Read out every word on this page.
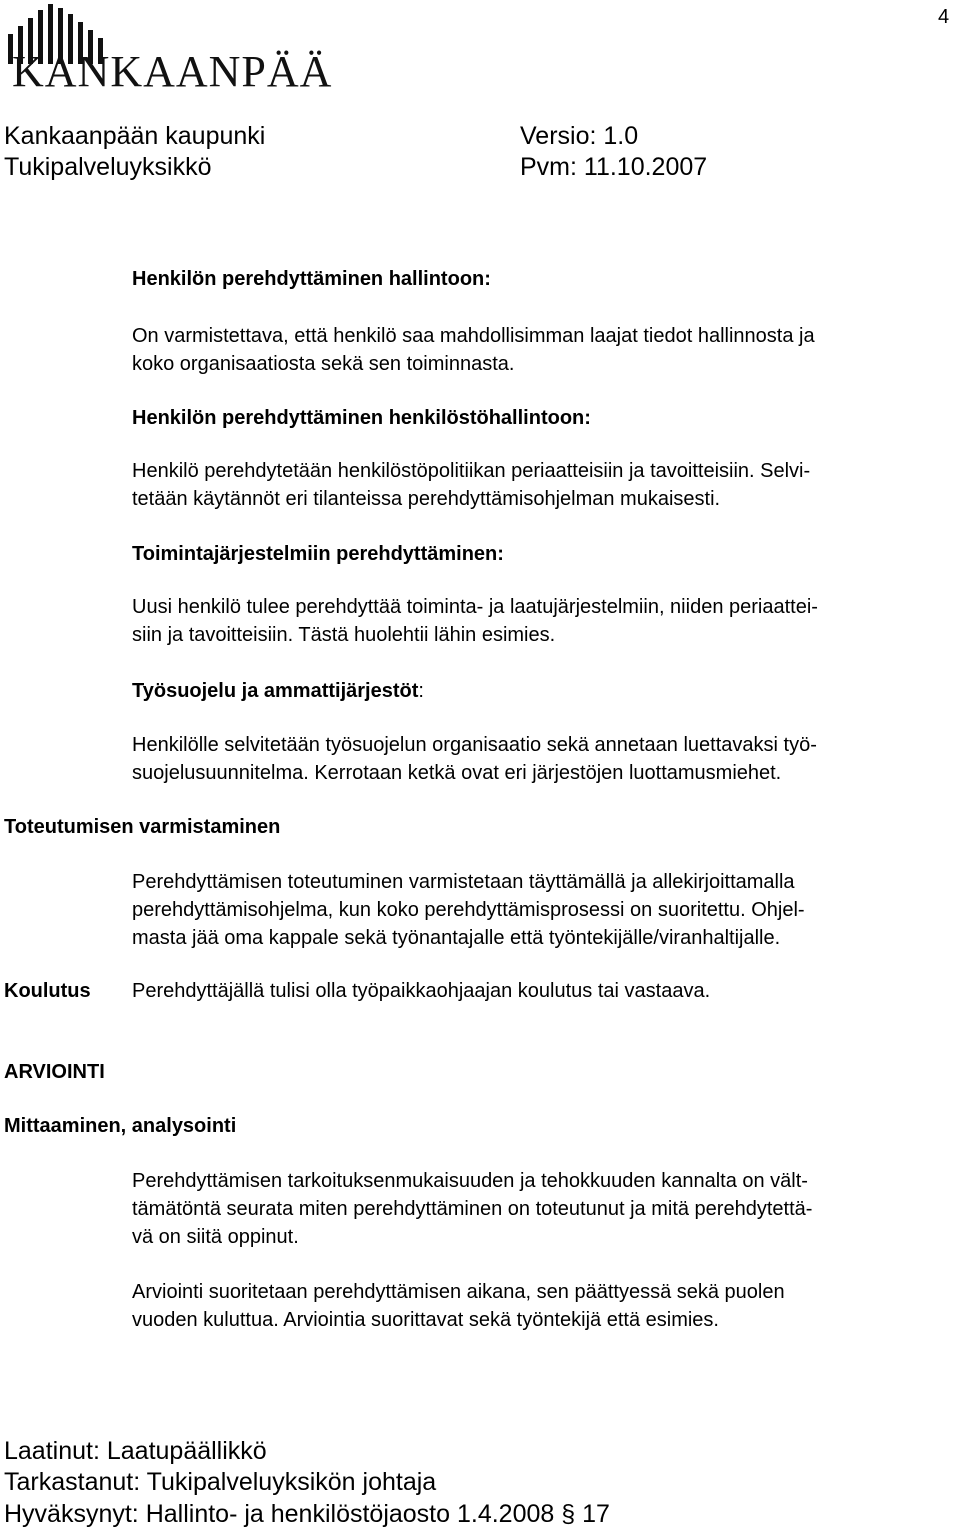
4
KANKAANPÄÄ
Kankaanpään kaupunki
Tukipalveluyksikkö
Versio: 1.0
Pvm: 11.10.2007
Henkilön perehdyttäminen hallintoon:
On varmistettava, että henkilö saa mahdollisimman laajat tiedot hallinnosta ja
koko organisaatiosta sekä sen toiminnasta.
Henkilön perehdyttäminen henkilöstöhallintoon:
Henkilö perehdytetään henkilöstöpolitiikan periaatteisiin ja tavoitteisiin. Selvi-
tetään käytännöt eri tilanteissa perehdyttämisohjelman mukaisesti.
Toimintajärjestelmiin perehdyttäminen:
Uusi henkilö tulee perehdyttää toiminta- ja laatujärjestelmiin, niiden periaattei-
siin ja tavoitteisiin. Tästä huolehtii lähin esimies.
Työsuojelu ja ammattijärjestöt:
Henkilölle selvitetään työsuojelun organisaatio sekä annetaan luettavaksi työ-
suojelusuunnitelma. Kerrotaan ketkä ovat eri järjestöjen luottamusmiehet.
Toteutumisen varmistaminen
Perehdyttämisen toteutuminen varmistetaan täyttämällä ja allekirjoittamalla
perehdyttämisohjelma, kun koko perehdyttämisprosessi on suoritettu. Ohjel-
masta jää oma kappale sekä työnantajalle että työntekijälle/viranhaltijalle.
Koulutus Perehdyttäjällä tulisi olla työpaikkaohjaajan koulutus tai vastaava.
ARVIOINTI
Mittaaminen, analysointi
Perehdyttämisen tarkoituksenmukaisuuden ja tehokkuuden kannalta on vält-
tämätöntä seurata miten perehdyttäminen on toteutunut ja mitä perehdytettä-
vä on siitä oppinut.
Arviointi suoritetaan perehdyttämisen aikana, sen päättyessä sekä puolen
vuoden kuluttua. Arviointia suorittavat sekä työntekijä että esimies.
Laatinut: Laatupäällikkö
Tarkastanut: Tukipalveluyksikön johtaja
Hyväksynyt: Hallinto- ja henkilöstöjaosto 1.4.2008 § 17
